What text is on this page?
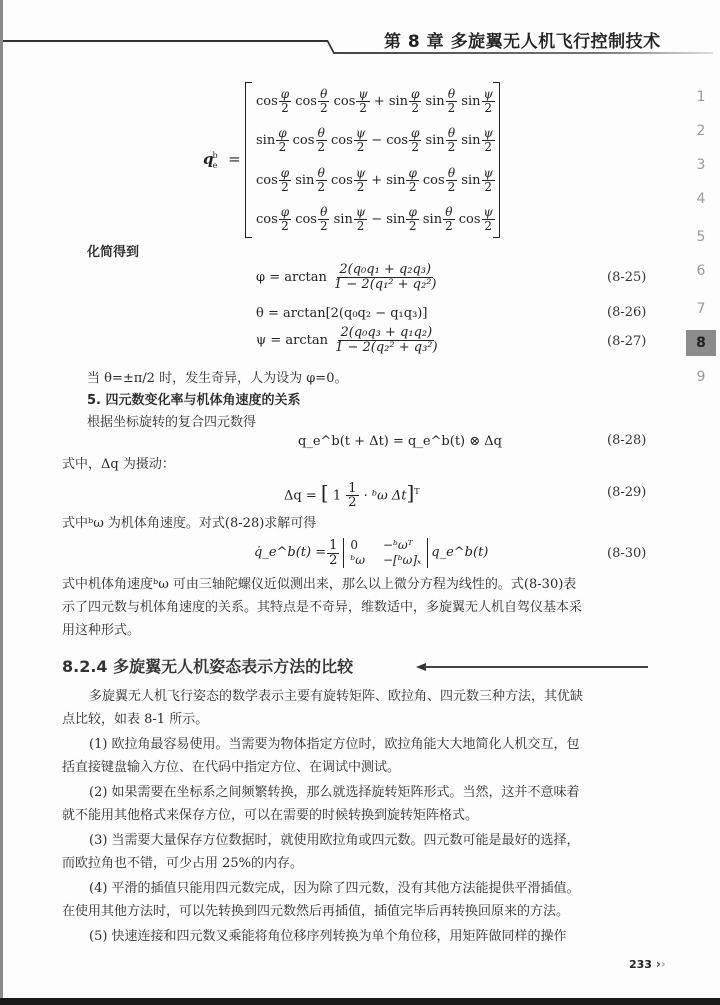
第 8 章 多旋翼无人机飞行控制技术
1
2
3
4
5
6
7
8
9
$q^b_e$ =
$\cos \frac{\varphi}{2}$ $\cos \frac{\theta}{2}$ $\cos \frac{\psi}{2} + \sin \frac{\varphi}{2}$ $\sin \frac{\theta}{2}$ $\sin \frac{\psi}{2}$
$\sin \frac{\varphi}{2}$ $\cos \frac{\theta}{2}$ $\cos \frac{\psi}{2} - \cos \frac{\varphi}{2}$ $\sin \frac{\theta}{2}$ $\sin \frac{\psi}{2}$
$\cos \frac{\varphi}{2}$ $\sin \frac{\theta}{2}$ $\cos \frac{\psi}{2} + \sin \frac{\varphi}{2}$ $\cos \frac{\theta}{2}$ $\sin \frac{\psi}{2}$
$\cos \frac{\varphi}{2}$ $\cos \frac{\theta}{2}$ $\sin \frac{\psi}{2} - \sin \frac{\varphi}{2}$ $\sin \frac{\theta}{2}$ $\cos \frac{\psi}{2}$
化简得到
$\varphi = \arctan \frac{\text{2(q₀q₁ + q₂q₃)}}{\text{1 − 2(q₁² + q₂²)}}$	(8-25)
θ = arctan[2(q₀q₂ − q₁q₃)]	(8-26)
$\psi = \arctan \frac{\text{2(q₀q₃ + q₁q₂)}}{\text{1 − 2(q₂² + q₃²)}}$	(8-27)
当 θ=±π/2 时，发生奇异，人为设为 φ=0。
5. 四元数变化率与机体角速度的关系
根据坐标旋转的复合四元数得
q_e^b(t + Δt) = q_e^b(t) ⊗ Δq	(8-28)
式中，Δq 为摄动：
Δq = [ $1 \frac{1}{2}$ · ᵇω Δt]$^T$	(8-29)
式中ᵇω 为机体角速度。对式(8-28)求解可得
q̇_e^b(t) = $\frac{1}{2} 0$	−ᵇωᵀ
ᵇω −[ᵇω]ₓ q_e^b(t)	(8-30)
式中机体角速度ᵇω 可由三轴陀螺仪近似测出来，那么以上微分方程为线性的。式(8-30)表
示了四元数与机体角速度的关系。其特点是不奇异，维数适中，多旋翼无人机自驾仪基本采
用这种形式。
8.2.4 多旋翼无人机姿态表示方法的比较
多旋翼无人机飞行姿态的数学表示主要有旋转矩阵、欧拉角、四元数三种方法，其优缺
点比较，如表 8-1 所示。
(1) 欧拉角最容易使用。当需要为物体指定方位时，欧拉角能大大地简化人机交互，包
括直接键盘输入方位、在代码中指定方位、在调试中测试。
(2) 如果需要在坐标系之间频繁转换，那么就选择旋转矩阵形式。当然，这并不意味着
就不能用其他格式来保存方位，可以在需要的时候转换到旋转矩阵格式。
(3) 当需要大量保存方位数据时，就使用欧拉角或四元数。四元数可能是最好的选择，
而欧拉角也不错，可少占用 25%的内存。
(4) 平滑的插值只能用四元数完成，因为除了四元数，没有其他方法能提供平滑插值。
在使用其他方法时，可以先转换到四元数然后再插值，插值完毕后再转换回原来的方法。
(5) 快速连接和四元数叉乘能将角位移序列转换为单个角位移，用矩阵做同样的操作
233 ››
